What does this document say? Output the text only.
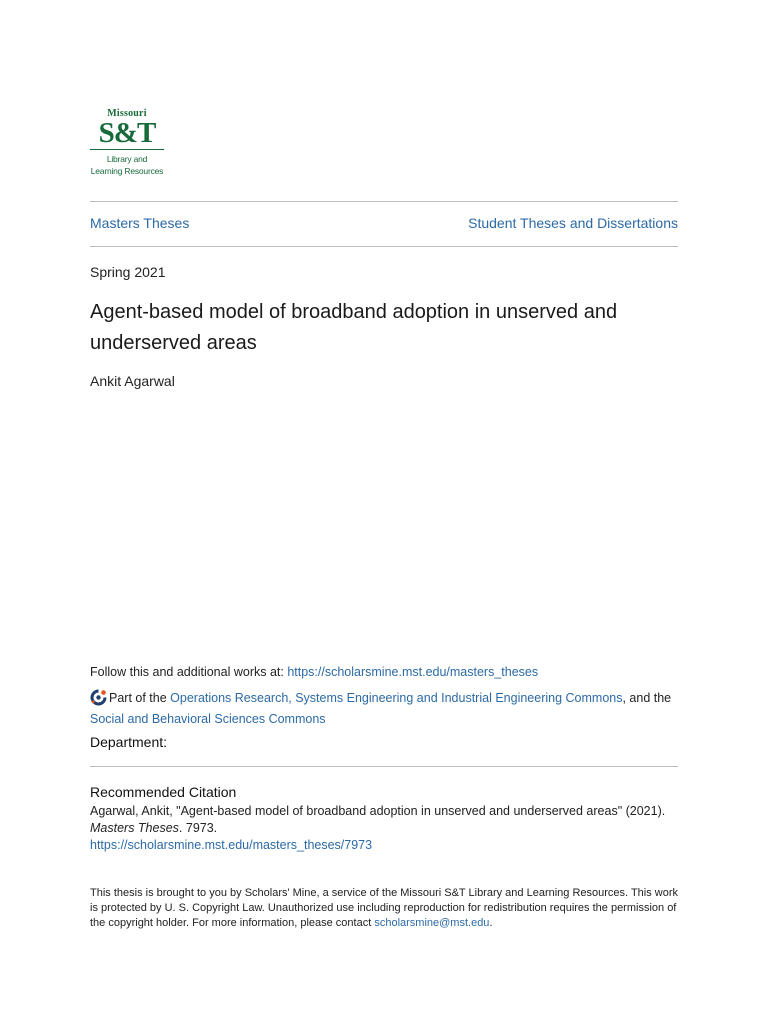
Missouri
S&T
Library and
Learning Resources
Masters Theses	Student Theses and Dissertations
Spring 2021
Agent-based model of broadband adoption in unserved and underserved areas
Ankit Agarwal
Follow this and additional works at: https://scholarsmine.mst.edu/masters_theses
Part of the Operations Research, Systems Engineering and Industrial Engineering Commons, and the
Social and Behavioral Sciences Commons
Department:
Recommended Citation
Agarwal, Ankit, "Agent-based model of broadband adoption in unserved and underserved areas" (2021).
Masters Theses. 7973.
https://scholarsmine.mst.edu/masters_theses/7973
This thesis is brought to you by Scholars' Mine, a service of the Missouri S&T Library and Learning Resources. This work is protected by U. S. Copyright Law. Unauthorized use including reproduction for redistribution requires the permission of the copyright holder. For more information, please contact scholarsmine@mst.edu.
